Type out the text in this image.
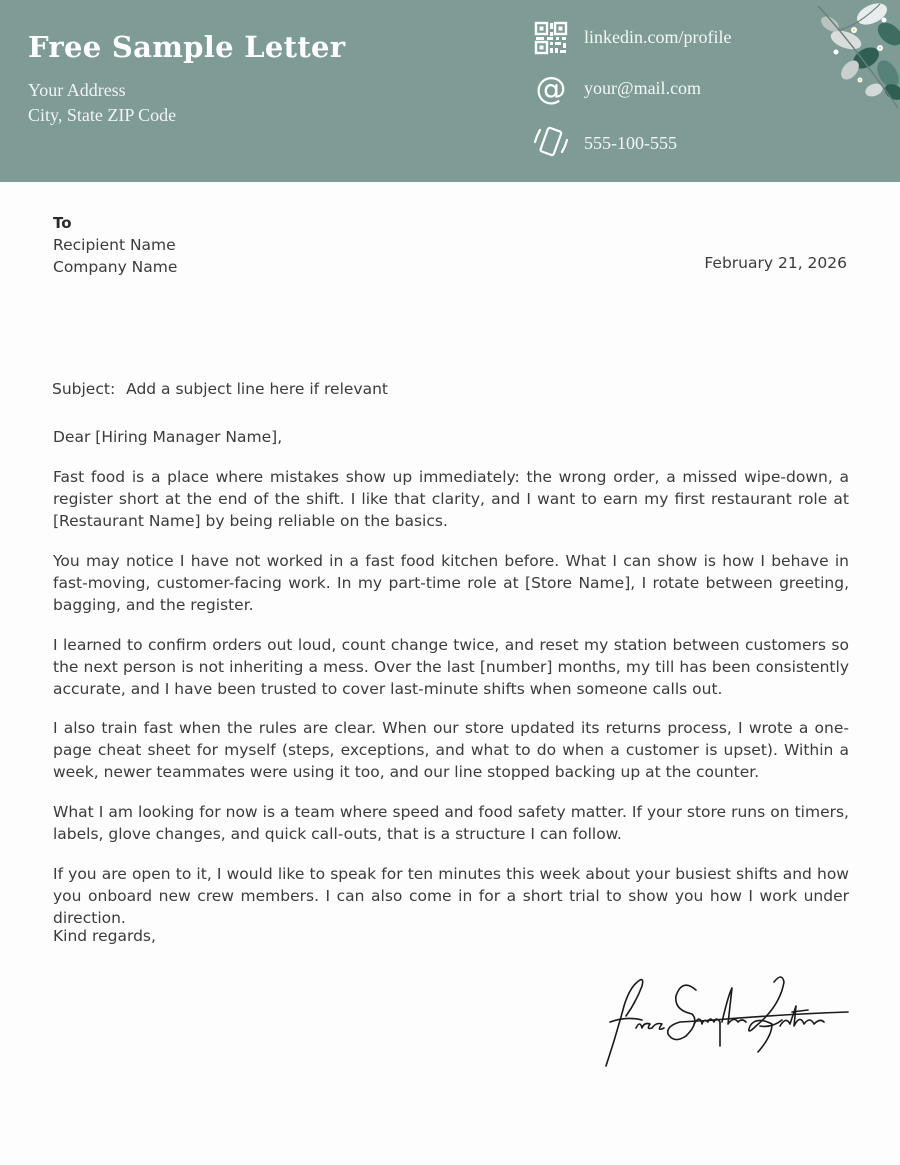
Free Sample Letter
Your Address
City, State ZIP Code
linkedin.com/profile
@ your@mail.com
555-100-555
To
Recipient Name
Company Name	February 21, 2026
Subject: Add a subject line here if relevant
Dear [Hiring Manager Name],

Fast food is a place where mistakes show up immediately: the wrong order, a missed wipe-down, a register short at the end of the shift. I like that clarity, and I want to earn my first restaurant role at [Restaurant Name] by being reliable on the basics.

You may notice I have not worked in a fast food kitchen before. What I can show is how I behave in fast-moving, customer-facing work. In my part-time role at [Store Name], I rotate between greeting, bagging, and the register.

I learned to confirm orders out loud, count change twice, and reset my station between customers so the next person is not inheriting a mess. Over the last [number] months, my till has been consistently accurate, and I have been trusted to cover last-minute shifts when someone calls out.

I also train fast when the rules are clear. When our store updated its returns process, I wrote a one-page cheat sheet for myself (steps, exceptions, and what to do when a customer is upset). Within a week, newer teammates were using it too, and our line stopped backing up at the counter.

What I am looking for now is a team where speed and food safety matter. If your store runs on timers, labels, glove changes, and quick call-outs, that is a structure I can follow.

If you are open to it, I would like to speak for ten minutes this week about your busiest shifts and how you onboard new crew members. I can also come in for a short trial to show you how I work under direction.

Kind regards,
